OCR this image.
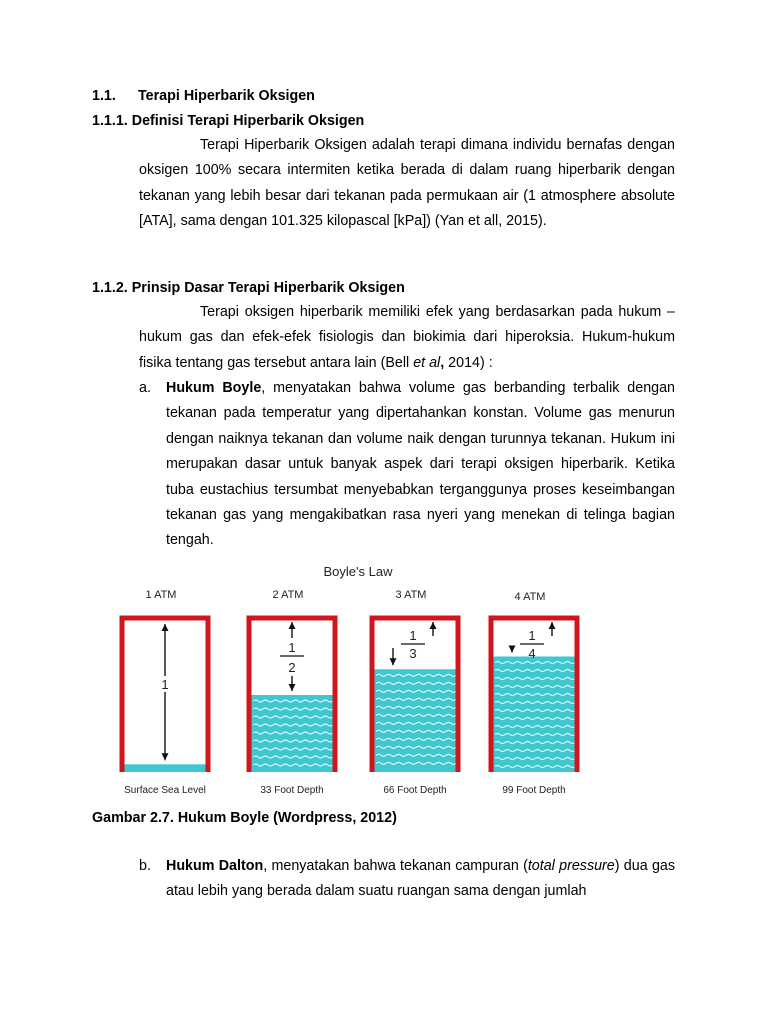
1.1. Terapi Hiperbarik Oksigen
1.1.1. Definisi Terapi Hiperbarik Oksigen
Terapi Hiperbarik Oksigen adalah terapi dimana individu bernafas dengan oksigen 100% secara intermiten ketika berada di dalam ruang hiperbarik dengan tekanan yang lebih besar dari tekanan pada permukaan air (1 atmosphere absolute [ATA], sama dengan 101.325 kilopascal [kPa]) (Yan et all, 2015).
1.1.2. Prinsip Dasar Terapi Hiperbarik Oksigen
Terapi oksigen hiperbarik memiliki efek yang berdasarkan pada hukum – hukum gas dan efek-efek fisiologis dan biokimia dari hiperoksia. Hukum-hukum fisika tentang gas tersebut antara lain (Bell et al, 2014) :
a. Hukum Boyle, menyatakan bahwa volume gas berbanding terbalik dengan tekanan pada temperatur yang dipertahankan konstan. Volume gas menurun dengan naiknya tekanan dan volume naik dengan turunnya tekanan. Hukum ini merupakan dasar untuk banyak aspek dari terapi oksigen hiperbarik. Ketika tuba eustachius tersumbat menyebabkan terganggunya proses keseimbangan tekanan gas yang mengakibatkan rasa nyeri yang menekan di telinga bagian tengah.
Boyle's Law
1 ATM
Surface Sea Level
1
2 ATM
33 Foot Depth
1
2
3 ATM
66 Foot Depth
1
3
4 ATM
99 Foot Depth
1
4
Gambar 2.7. Hukum Boyle (Wordpress, 2012)
b. Hukum Dalton, menyatakan bahwa tekanan campuran (total pressure) dua gas atau lebih yang berada dalam suatu ruangan sama dengan jumlah
